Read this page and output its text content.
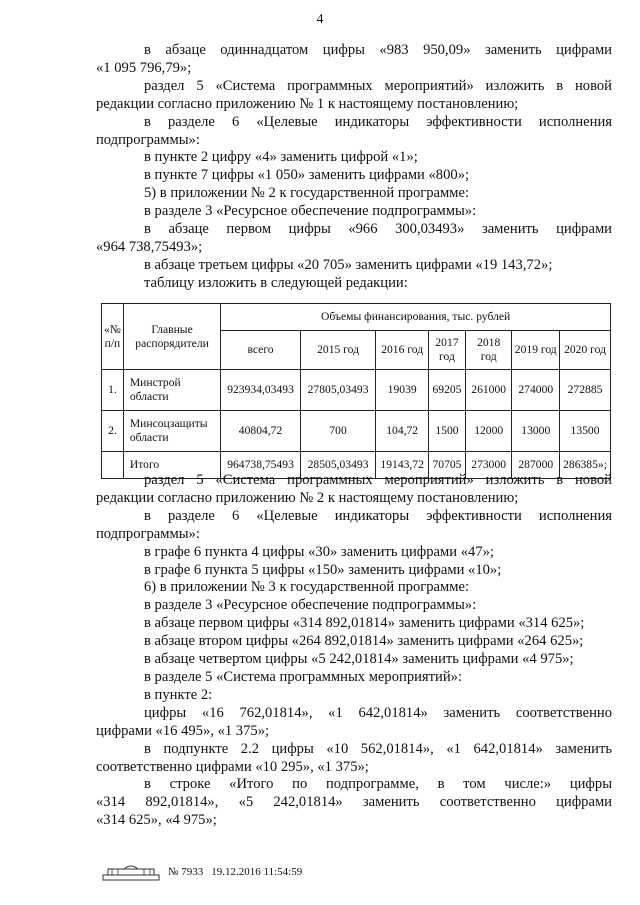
4

в абзаце одиннадцатом цифры «983 950,09» заменить цифрами

«1 095 796,79»;

раздел 5 «Система программных мероприятий» изложить в новой

редакции согласно приложению № 1 к настоящему постановлению;

в разделе 6 «Целевые индикаторы эффективности исполнения

подпрограммы»:

в пункте 2 цифру «4» заменить цифрой «1»;

в пункте 7 цифры «1 050» заменить цифрами «800»;

5) в приложении № 2 к государственной программе:

в разделе 3 «Ресурсное обеспечение подпрограммы»:

в абзаце первом цифры «966 300,03493» заменить цифрами

«964 738,75493»;

в абзаце третьем цифры «20 705» заменить цифрами «19 143,72»;

таблицу изложить в следующей редакции:

«№ п/п	Главные распорядители	Объемы финансирования, тыс. рублей						
		всего	2015 год	2016 год	2017 год	2018 год	2019 год	2020 год
1.	Минстрой области	923934,03493	27805,03493	19039	69205	261000	274000	272885
2.	Минсоцзащиты области	40804,72	700	104,72	1500	12000	13000	13500
	Итого	964738,75493	28505,03493	19143,72	70705	273000	287000	286385»;

раздел 5 «Система программных мероприятий» изложить в новой

редакции согласно приложению № 2 к настоящему постановлению;

в разделе 6 «Целевые индикаторы эффективности исполнения

подпрограммы»:

в графе 6 пункта 4 цифры «30» заменить цифрами «47»;

в графе 6 пункта 5 цифры «150» заменить цифрами «10»;

6) в приложении № 3 к государственной программе:

в разделе 3 «Ресурсное обеспечение подпрограммы»:

в абзаце первом цифры «314 892,01814» заменить цифрами «314 625»;

в абзаце втором цифры «264 892,01814» заменить цифрами «264 625»;

в абзаце четвертом цифры «5 242,01814» заменить цифрами «4 975»;

в разделе 5 «Система программных мероприятий»:

в пункте 2:

цифры «16 762,01814», «1 642,01814» заменить соответственно

цифрами «16 495», «1 375»;

в подпункте 2.2 цифры «10 562,01814», «1 642,01814» заменить

соответственно цифрами «10 295», «1 375»;

в строке «Итого по подпрограмме, в том числе:» цифры

«314 892,01814», «5 242,01814» заменить соответственно цифрами

«314 625», «4 975»;

№ 7933 19.12.2016 11:54:59
